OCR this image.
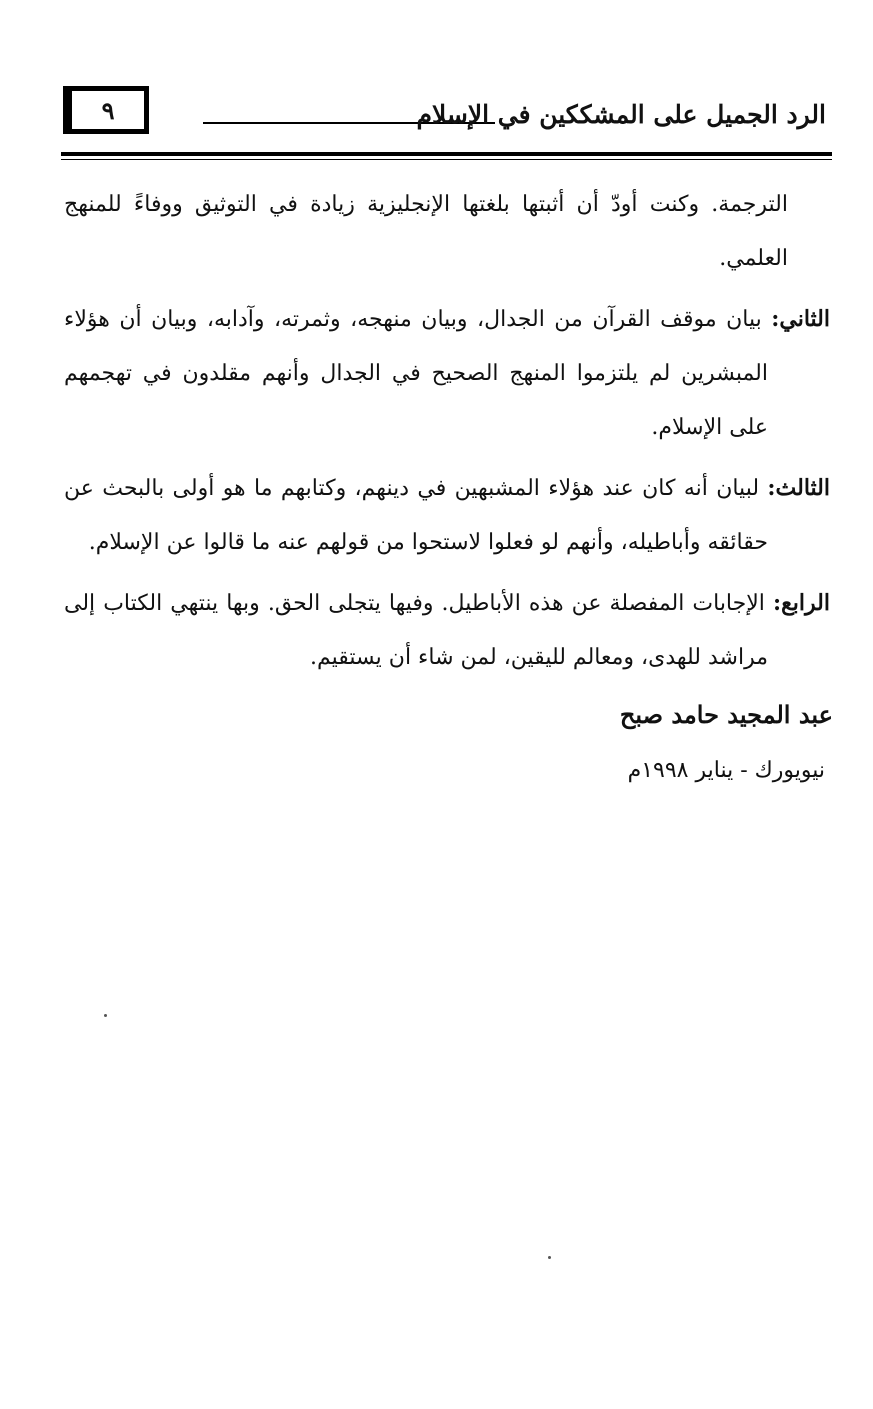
٩	الرد الجميل على المشككين في الإسلام

الترجمة. وكنت أودّ أن أثبتها بلغتها الإنجليزية زيادة في التوثيق ووفاءً للمنهج العلمي.

الثاني: بيان موقف القرآن من الجدال، وبيان منهجه، وثمرته، وآدابه، وبيان أن هؤلاء المبشرين لم يلتزموا المنهج الصحيح في الجدال وأنهم مقلدون في تهجمهم على الإسلام.

الثالث: لبيان أنه كان عند هؤلاء المشبهين في دينهم، وكتابهم ما هو أولى بالبحث عن حقائقه وأباطيله، وأنهم لو فعلوا لاستحوا من قولهم عنه ما قالوا عن الإسلام.

الرابع: الإجابات المفصلة عن هذه الأباطيل. وفيها يتجلى الحق. وبها ينتهي الكتاب إلى مراشد للهدى، ومعالم لليقين، لمن شاء أن يستقيم.

عبد المجيد حامد صبح
نيويورك - يناير ١٩٩٨م
